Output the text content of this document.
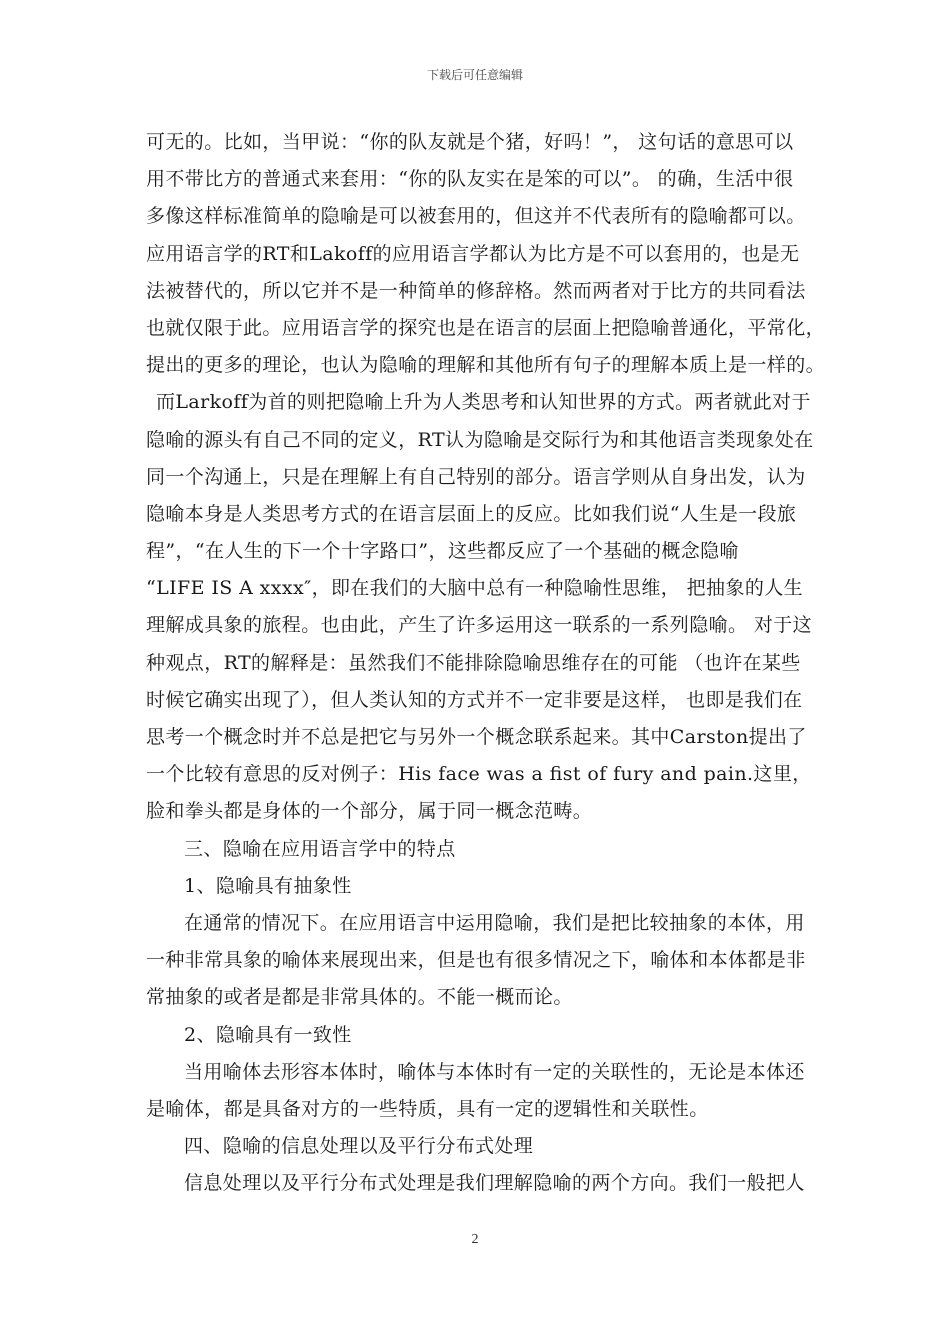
下载后可任意编辑
可无的。比如，当甲说：“你的队友就是个猪，好吗！”， 这句话的意思可以
用不带比方的普通式来套用：“你的队友实在是笨的可以”。 的确，生活中很
多像这样标准简单的隐喻是可以被套用的，但这并不代表所有的隐喻都可以。
应用语言学的RT和Lakoff的应用语言学都认为比方是不可以套用的，也是无
法被替代的，所以它并不是一种简单的修辞格。然而两者对于比方的共同看法
也就仅限于此。应用语言学的探究也是在语言的层面上把隐喻普通化，平常化，
提出的更多的理论，也认为隐喻的理解和其他所有句子的理解本质上是一样的。
而Larkoff为首的则把隐喻上升为人类思考和认知世界的方式。两者就此对于
隐喻的源头有自己不同的定义，RT认为隐喻是交际行为和其他语言类现象处在
同一个沟通上，只是在理解上有自己特别的部分。语言学则从自身出发，认为
隐喻本身是人类思考方式的在语言层面上的反应。比如我们说“人生是一段旅
程”，“在人生的下一个十字路口”，这些都反应了一个基础的概念隐喻
“LIFE IS A xxxx″，即在我们的大脑中总有一种隐喻性思维， 把抽象的人生
理解成具象的旅程。也由此，产生了许多运用这一联系的一系列隐喻。 对于这
种观点，RT的解释是：虽然我们不能排除隐喻思维存在的可能 （也许在某些
时候它确实出现了），但人类认知的方式并不一定非要是这样， 也即是我们在
思考一个概念时并不总是把它与另外一个概念联系起来。其中Carston提出了
一个比较有意思的反对例子：His face was a ﬁst of fury and pain.这里，
脸和拳头都是身体的一个部分，属于同一概念范畴。
三、隐喻在应用语言学中的特点
1、隐喻具有抽象性
在通常的情况下。在应用语言中运用隐喻，我们是把比较抽象的本体，用
一种非常具象的喻体来展现出来，但是也有很多情况之下，喻体和本体都是非
常抽象的或者是都是非常具体的。不能一概而论。
2、隐喻具有一致性
当用喻体去形容本体时，喻体与本体时有一定的关联性的，无论是本体还
是喻体，都是具备对方的一些特质，具有一定的逻辑性和关联性。
四、隐喻的信息处理以及平行分布式处理
信息处理以及平行分布式处理是我们理解隐喻的两个方向。我们一般把人
2
